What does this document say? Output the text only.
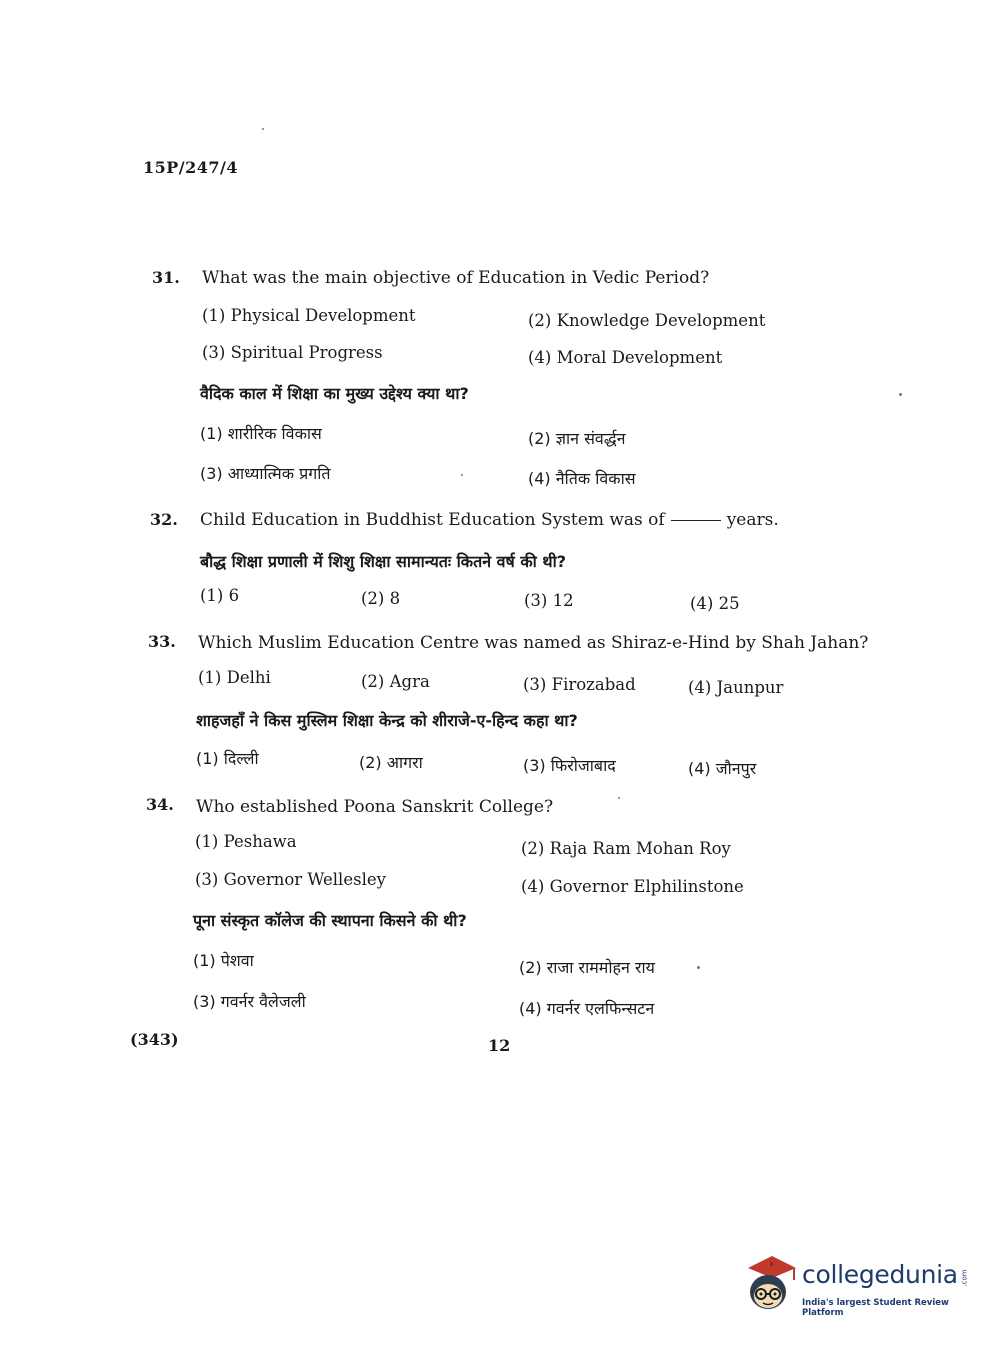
15P/247/4
31. What was the main objective of Education in Vedic Period?
(1) Physical Development	(2) Knowledge Development
(3) Spiritual Progress	(4) Moral Development
वैदिक काल में शिक्षा का मुख्य उद्देश्य क्या था?
(1) शारीरिक विकास	(2) ज्ञान संवर्द्धन
(3) आध्यात्मिक प्रगति	(4) नैतिक विकास
32. Child Education in Buddhist Education System was of	years.
बौद्ध शिक्षा प्रणाली में शिशु शिक्षा सामान्यतः कितने वर्ष की थी?
(1) 6	(2) 8	(3) 12	(4) 25
33. Which Muslim Education Centre was named as Shiraz-e-Hind by Shah Jahan?
(1) Delhi	(2) Agra	(3) Firozabad	(4) Jaunpur
शाहजहाँ ने किस मुस्लिम शिक्षा केन्द्र को शीराजे-ए-हिन्द कहा था?
(1) दिल्ली	(2) आगरा	(3) फिरोजाबाद	(4) जौनपुर
34. Who established Poona Sanskrit College?
(1) Peshawa	(2) Raja Ram Mohan Roy
(3) Governor Wellesley	(4) Governor Elphilinstone
पूना संस्कृत कॉलेज की स्थापना किसने की थी?
(1) पेशवा	(2) राजा राममोहन राय
(3) गवर्नर वैलेजली	(4) गवर्नर एलफिन्सटन
(343)	12
collegedunia .com
India's largest Student Review Platform
